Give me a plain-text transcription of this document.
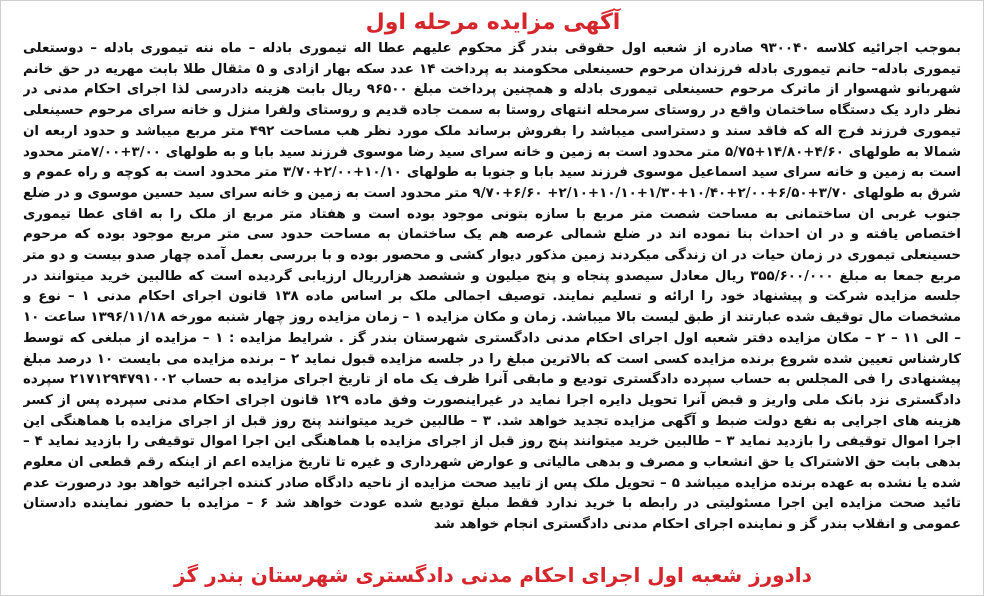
آگهی مزایده مرحله اول

بموجب اجرائیه کلاسه ۹۳۰۰۴۰ صادره از شعبه اول حقوقی بندر گز محکوم علیهم عطا اله تیموری بادله – ماه ننه تیموری بادله – دوستعلی تیموری بادله– حانم تیموری بادله فرزندان مرحوم حسینعلی محکومند به پرداخت ۱۴ عدد سکه بهار ازادی و ۵ مثقال طلا بابت مهریه در حق خانم شهربانو شهسوار از ماترک مرحوم حسینعلی تیموری بادله و همچنین پرداخت مبلغ ۹۶۵۰۰ ریال بابت هزینه دادرسی لذا اجرای احکام مدنی در نظر دارد یک دستگاه ساختمان واقع در روستای سرمحله انتهای روستا به سمت جاده قدیم و روستای ولفرا منزل و خانه سرای مرحوم حسینعلی تیموری فرزند فرج اله که فاقد سند و دستراسی میباشد را بفروش برساند ملک مورد نظر هب مساحت ۴۹۲ متر مربع میباشد و حدود اربعه ان شمالا به طولهای ۴/۶۰+۱۴/۸۰+۵/۷۵ متر محدود است به زمین و خانه سرای سید رضا موسوی فرزند سید بابا و به طولهای ۳/۰۰+۷/۰۰متر محدود است به زمین و خانه سرای سید اسماعیل موسوی فرزند سید بابا و جنوبا به طولهای ۱۰/۱۰+۲/۰۰+۳/۷۰ متر محدود است به کوچه و راه عموم و شرق به طولهای ۳/۷۰+۶/۵۰+۲/۰۰+۱۰/۴۰+۱/۳۰+۱۰/۱۰+۲/۱۰+ ۶/۶۰+۹/۷۰ متر محدود است به زمین و خانه سرای سید حسین موسوی و در ضلع جنوب غربی ان ساختمانی به مساحت شصت متر مربع با سازه بتونی موجود بوده است و هفتاد متر مربع از ملک را به اقای عطا تیموری اختصاص یافته و در ان احداث بنا نموده اند در ضلع شمالی عرصه هم یک ساختمان به مساحت حدود سی متر مربع موجود بوده که مرحوم حسینعلی تیموری در زمان حیات در ان زندگی میکردند زمین مذکور دیوار کشی و محصور بوده و با بررسی بعمل آمده چهار صدو بیست و دو متر مربع جمعا به مبلغ ۳۵۵/۶۰۰/۰۰۰ ریال معادل سیصدو پنجاه و پنج میلیون و ششصد هزارریال ارزیابی گردیده است که طالبین خرید میتوانند در جلسه مزایده شرکت و پیشنهاد خود را ارائه و تسلیم نمایند. توصیف اجمالی ملک بر اساس ماده ۱۳۸ قانون اجرای احکام مدنی ۱ – نوع و مشخصات مال توقیف شده عبارتند از طبق لیست بالا میباشد. زمان و مکان مزایده ۱ – زمان مزایده روز چهار شنبه مورخه ۱۳۹۶/۱۱/۱۸ ساعت ۱۰ – الی ۱۱ – ۲ – مکان مزایده دفتر شعبه اول اجرای احکام مدنی دادگستری شهرستان بندر گز . شرایط مزایده : ۱ – مزایده از مبلغی که توسط کارشناس تعیین شده شروع برنده مزایده کسی است که بالاترین مبلغ را در جلسه مزایده قبول نماید ۲ – برنده مزایده می بایست ۱۰ درصد مبلغ پیشنهادی را فی المجلس به حساب سپرده دادگستری تودیع و مابقی آنرا ظرف یک ماه از تاریخ اجرای مزایده به حساب ۲۱۷۱۲۹۴۷۹۱۰۰۲ سپرده دادگستری نزد بانک ملی واریز و قبض آنرا تحویل دایره اجرا نماید در غیراینصورت وفق ماده ۱۲۹ قانون اجرای احکام مدنی سپرده پس از کسر هزینه های اجرایی به نفع دولت ضبط و آگهی مزایده تجدید خواهد شد. ۳ – طالبین خرید میتوانند پنج روز قبل از اجرای مزایده با هماهنگی این اجرا اموال توقیفی را بازدید نماید ۳ – طالبین خرید میتوانند پنج روز قبل از اجرای مزایده با هماهنگی این اجرا اموال توقیفی را بازدید نماید ۴ – بدهی بابت حق الاشتراک یا حق انشعاب و مصرف و بدهی مالیاتی و عوارض شهرداری و غیره تا تاریخ مزایده اعم از اینکه رقم قطعی ان معلوم شده یا نشده به عهده برنده مزایده میباشد ۵ – تحویل ملک پس از تایید صحت مزایده از ناحیه دادگاه صادر کننده اجرائیه خواهد بود درصورت عدم تائید صحت مزایده این اجرا مسئولیتی در رابطه با خرید ندارد فقط مبلغ تودیع شده عودت خواهد شد ۶ – مزایده با حضور نماینده دادستان عمومی و انقلاب بندر گز و نماینده اجرای احکام مدنی دادگستری انجام خواهد شد

دادورز شعبه اول اجرای احکام مدنی دادگستری شهرستان بندر گز
